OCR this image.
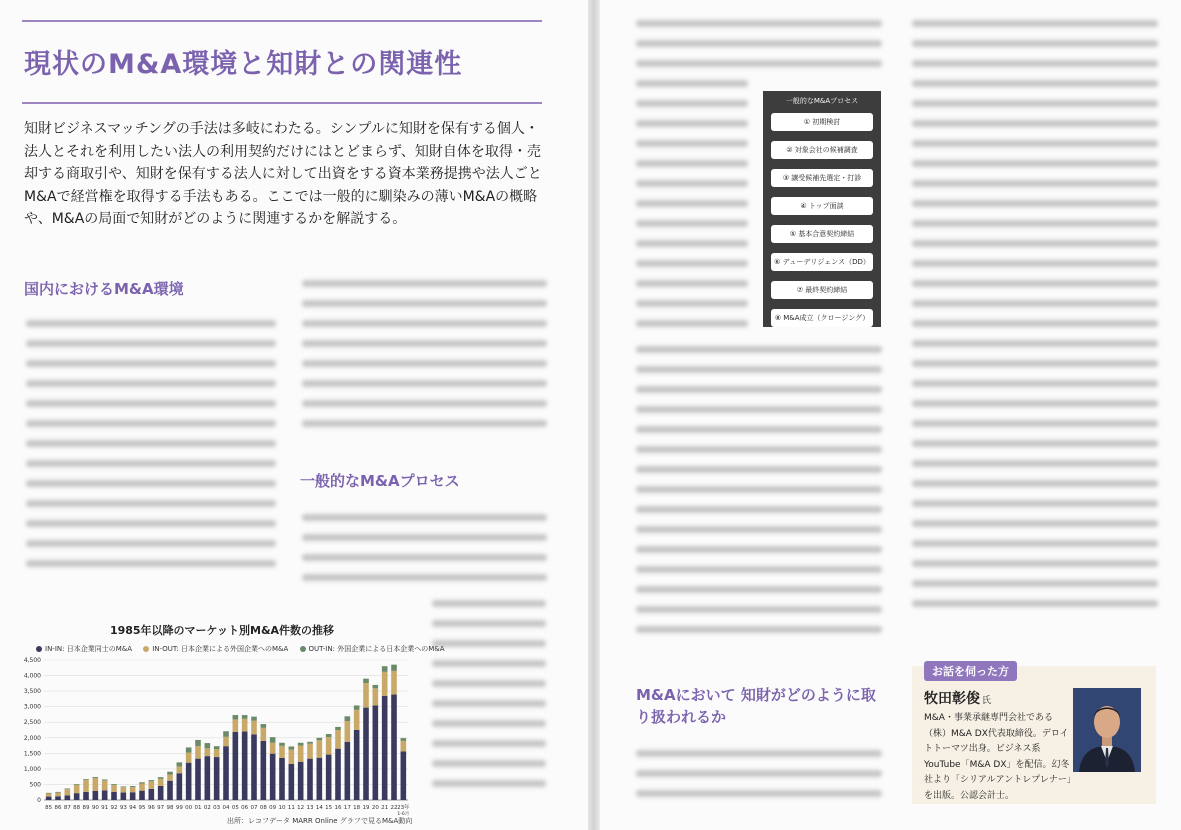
現状のM&A環境と知財との関連性

知財ビジネスマッチングの手法は多岐にわたる。シンプルに知財を保有する個人・法人とそれを利用したい法人の利用契約だけにはとどまらず、知財自体を取得・売却する商取引や、知財を保有する法人に対して出資をする資本業務提携や法人ごとM&Aで経営権を取得する手法もある。ここでは一般的に馴染みの薄いM&Aの概略や、M&Aの局面で知財がどのように関連するかを解説する。

国内におけるM&A環境
一般的なM&Aプロセス
M&Aにおいて 知財がどのように取り扱われるか

一般的なM&Aプロセス

① 初期検討
② 対象会社の候補調査
③ 譲受候補先選定・打診
④ トップ面談
⑤ 基本合意契約締結
⑥ デューデリジェンス（DD）
⑦ 最終契約締結
⑧ M&A成立（クロージング）
0
500
1,000
1,500
2,000
2,500
3,000
3,500
4,000
4,500
85 86 87 88 89 90 91 92 93 94 95 96 97 98 99 00 01 02 03 04 05 06 07 08 09 10 11 12 13 14 15 16 17 18 19 20 21 22 23年
1-6月

1985年以降のマーケット別M&A件数の推移

IN-IN: 日本企業同士のM&A
	IN-OUT: 日本企業による外国企業へのM&A
	OUT-IN: 外国企業による日本企業へのM&A
出所：レコフデータ MARR Online グラフで見るM&A動向
お話を伺った方

牧田彰俊 氏

M&A・事業承継専門会社である（株）M&A DX代表取締役。デロイトトーマツ出身。ビジネス系YouTube「M&A DX」を配信。幻冬社より「シリアルアントレプレナー」を出版。公認会計士。
